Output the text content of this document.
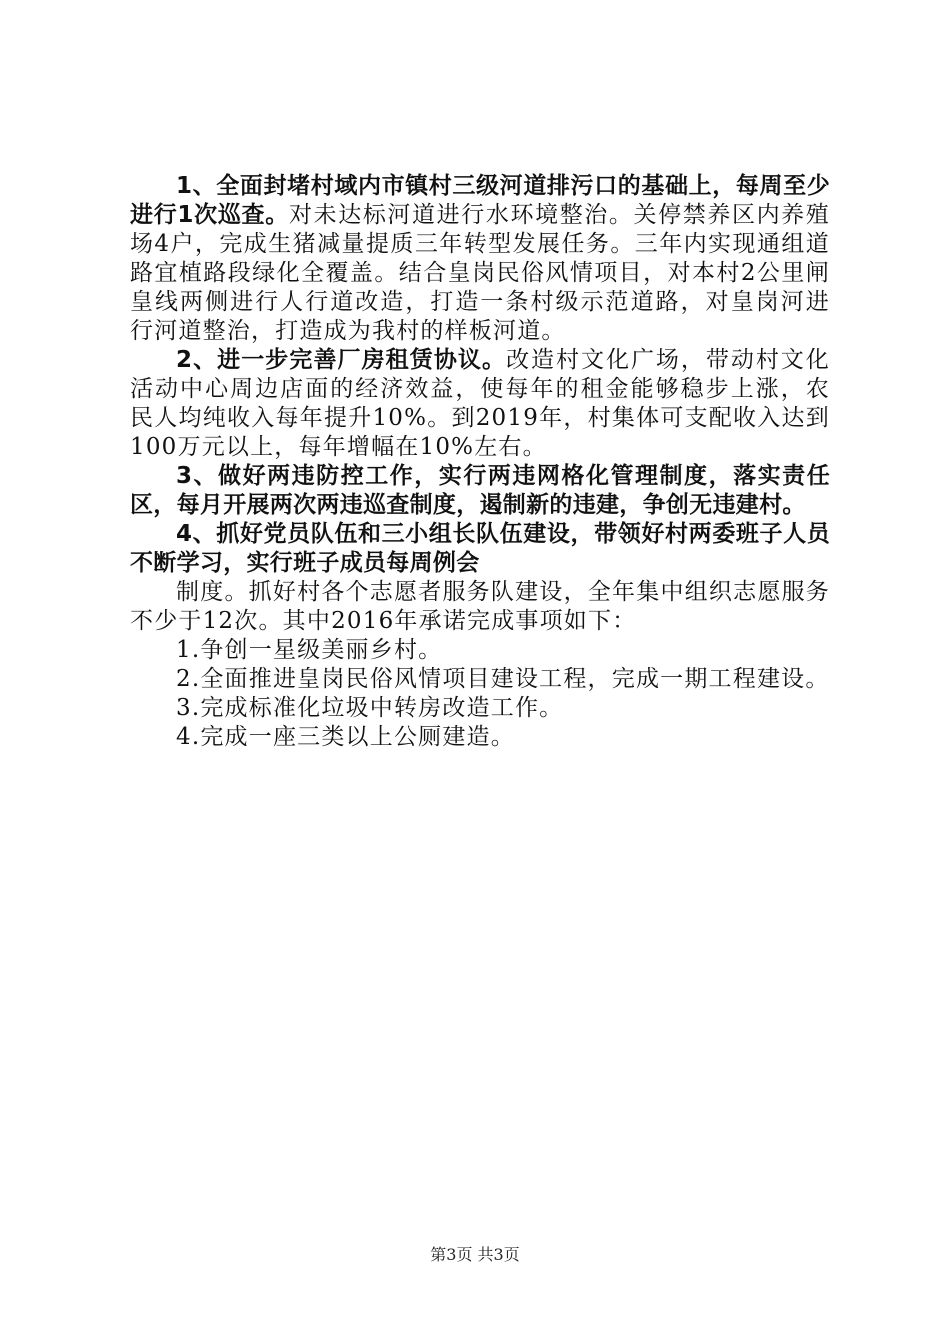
1、全面封堵村域内市镇村三级河道排污口的基础上，每周至少进行1次巡查。对未达标河道进行水环境整治。关停禁养区内养殖场4户，完成生猪减量提质三年转型发展任务。三年内实现通组道路宜植路段绿化全覆盖。结合皇岗民俗风情项目，对本村2公里闸皇线两侧进行人行道改造，打造一条村级示范道路，对皇岗河进行河道整治，打造成为我村的样板河道。

2、进一步完善厂房租赁协议。改造村文化广场，带动村文化活动中心周边店面的经济效益，使每年的租金能够稳步上涨，农民人均纯收入每年提升10%。到2019年，村集体可支配收入达到100万元以上，每年增幅在10%左右。

3、做好两违防控工作，实行两违网格化管理制度，落实责任区，每月开展两次两违巡查制度，遏制新的违建，争创无违建村。

4、抓好党员队伍和三小组长队伍建设，带领好村两委班子人员不断学习，实行班子成员每周例会

制度。抓好村各个志愿者服务队建设，全年集中组织志愿服务不少于12次。其中2016年承诺完成事项如下：

1.争创一星级美丽乡村。

2.全面推进皇岗民俗风情项目建设工程，完成一期工程建设。

3.完成标准化垃圾中转房改造工作。

4.完成一座三类以上公厕建造。

第3页 共3页
